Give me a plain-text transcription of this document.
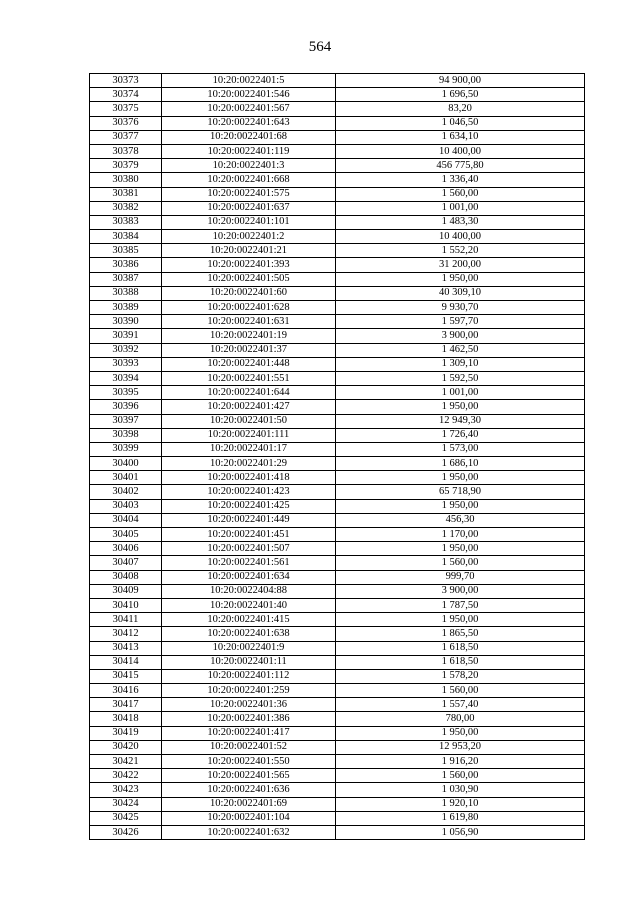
564
30373	10:20:0022401:5	94 900,00
30374	10:20:0022401:546	1 696,50
30375	10:20:0022401:567	83,20
30376	10:20:0022401:643	1 046,50
30377	10:20:0022401:68	1 634,10
30378	10:20:0022401:119	10 400,00
30379	10:20:0022401:3	456 775,80
30380	10:20:0022401:668	1 336,40
30381	10:20:0022401:575	1 560,00
30382	10:20:0022401:637	1 001,00
30383	10:20:0022401:101	1 483,30
30384	10:20:0022401:2	10 400,00
30385	10:20:0022401:21	1 552,20
30386	10:20:0022401:393	31 200,00
30387	10:20:0022401:505	1 950,00
30388	10:20:0022401:60	40 309,10
30389	10:20:0022401:628	9 930,70
30390	10:20:0022401:631	1 597,70
30391	10:20:0022401:19	3 900,00
30392	10:20:0022401:37	1 462,50
30393	10:20:0022401:448	1 309,10
30394	10:20:0022401:551	1 592,50
30395	10:20:0022401:644	1 001,00
30396	10:20:0022401:427	1 950,00
30397	10:20:0022401:50	12 949,30
30398	10:20:0022401:111	1 726,40
30399	10:20:0022401:17	1 573,00
30400	10:20:0022401:29	1 686,10
30401	10:20:0022401:418	1 950,00
30402	10:20:0022401:423	65 718,90
30403	10:20:0022401:425	1 950,00
30404	10:20:0022401:449	456,30
30405	10:20:0022401:451	1 170,00
30406	10:20:0022401:507	1 950,00
30407	10:20:0022401:561	1 560,00
30408	10:20:0022401:634	999,70
30409	10:20:0022404:88	3 900,00
30410	10:20:0022401:40	1 787,50
30411	10:20:0022401:415	1 950,00
30412	10:20:0022401:638	1 865,50
30413	10:20:0022401:9	1 618,50
30414	10:20:0022401:11	1 618,50
30415	10:20:0022401:112	1 578,20
30416	10:20:0022401:259	1 560,00
30417	10:20:0022401:36	1 557,40
30418	10:20:0022401:386	780,00
30419	10:20:0022401:417	1 950,00
30420	10:20:0022401:52	12 953,20
30421	10:20:0022401:550	1 916,20
30422	10:20:0022401:565	1 560,00
30423	10:20:0022401:636	1 030,90
30424	10:20:0022401:69	1 920,10
30425	10:20:0022401:104	1 619,80
30426	10:20:0022401:632	1 056,90
